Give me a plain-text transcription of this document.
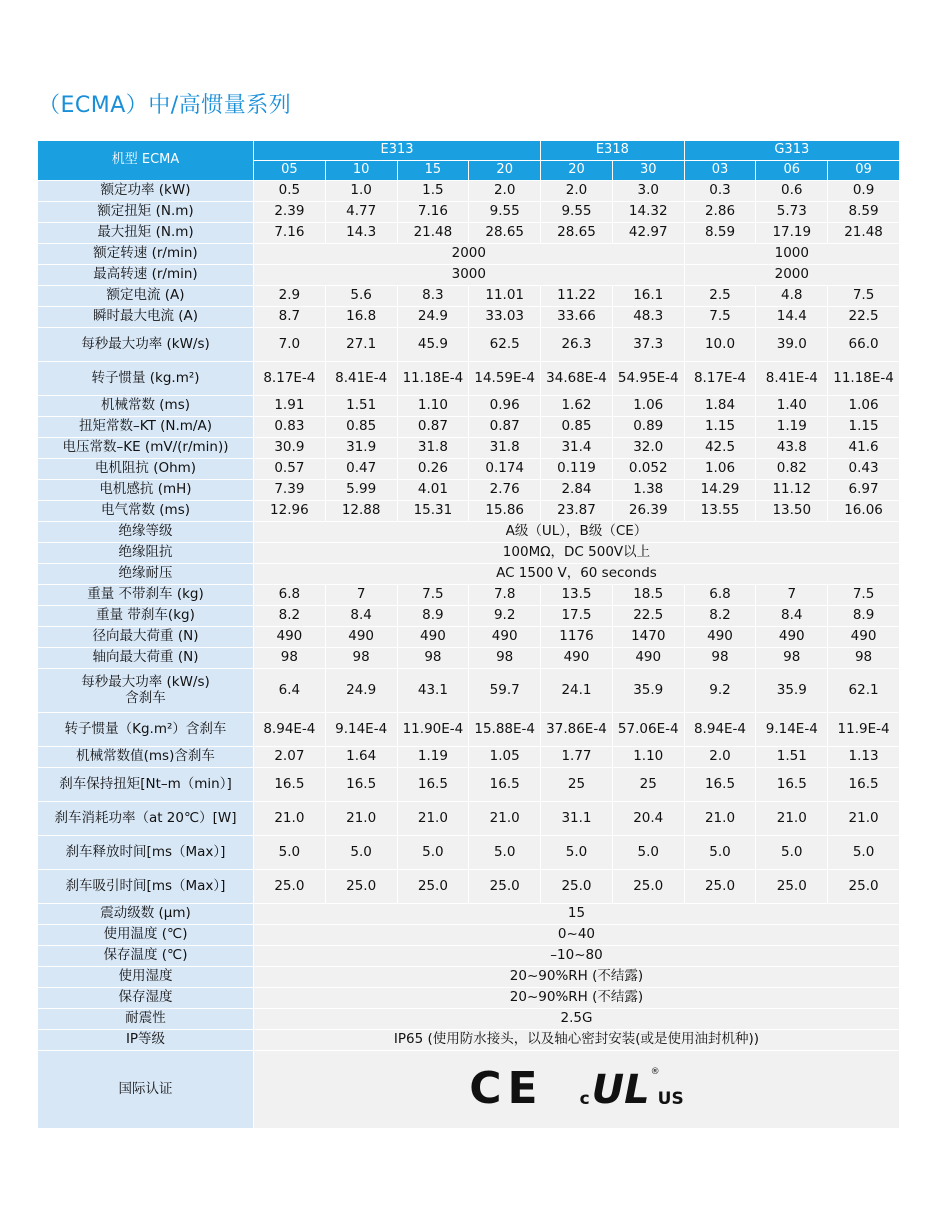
（ECMA）中/高惯量系列
机型 ECMA	E313				E318		G313		
	05	10	15	20	20	30	03	06	09
额定功率 (kW)	0.5	1.0	1.5	2.0	2.0	3.0	0.3	0.6	0.9
额定扭矩 (N.m)	2.39	4.77	7.16	9.55	9.55	14.32	2.86	5.73	8.59
最大扭矩 (N.m)	7.16	14.3	21.48	28.65	28.65	42.97	8.59	17.19	21.48
额定转速 (r/min)	2000						1000		
最高转速 (r/min)	3000						2000		
额定电流 (A)	2.9	5.6	8.3	11.01	11.22	16.1	2.5	4.8	7.5
瞬时最大电流 (A)	8.7	16.8	24.9	33.03	33.66	48.3	7.5	14.4	22.5
每秒最大功率 (kW/s)	7.0	27.1	45.9	62.5	26.3	37.3	10.0	39.0	66.0
转子惯量 (kg.m²)	8.17E-4	8.41E-4	11.18E-4	14.59E-4	34.68E-4	54.95E-4	8.17E-4	8.41E-4	11.18E-4
机械常数 (ms)	1.91	1.51	1.10	0.96	1.62	1.06	1.84	1.40	1.06
扭矩常数–KT (N.m/A)	0.83	0.85	0.87	0.87	0.85	0.89	1.15	1.19	1.15
电压常数–KE (mV/(r/min))	30.9	31.9	31.8	31.8	31.4	32.0	42.5	43.8	41.6
电机阻抗 (Ohm)	0.57	0.47	0.26	0.174	0.119	0.052	1.06	0.82	0.43
电机感抗 (mH)	7.39	5.99	4.01	2.76	2.84	1.38	14.29	11.12	6.97
电气常数 (ms)	12.96	12.88	15.31	15.86	23.87	26.39	13.55	13.50	16.06
绝缘等级	A级（UL），B级（CE）								
绝缘阻抗	100MΩ，DC 500V以上								
绝缘耐压	AC 1500 V，60 seconds								
重量 不带刹车 (kg)	6.8	7	7.5	7.8	13.5	18.5	6.8	7	7.5
重量 带刹车(kg)	8.2	8.4	8.9	9.2	17.5	22.5	8.2	8.4	8.9
径向最大荷重 (N)	490	490	490	490	1176	1470	490	490	490
轴向最大荷重 (N)	98	98	98	98	490	490	98	98	98

每秒最大功率 (kW/s)
含刹车	6.4	24.9	43.1	59.7	24.1	35.9	9.2	35.9	62.1
转子惯量（Kg.m²）含刹车	8.94E-4	9.14E-4	11.90E-4	15.88E-4	37.86E-4	57.06E-4	8.94E-4	9.14E-4	11.9E-4
机械常数值(ms)含刹车	2.07	1.64	1.19	1.05	1.77	1.10	2.0	1.51	1.13
刹车保持扭矩[Nt–m（min）]	16.5	16.5	16.5	16.5	25	25	16.5	16.5	16.5
刹车消耗功率（at 20℃）[W]	21.0	21.0	21.0	21.0	31.1	20.4	21.0	21.0	21.0
刹车释放时间[ms（Max）]	5.0	5.0	5.0	5.0	5.0	5.0	5.0	5.0	5.0
刹车吸引时间[ms（Max）]	25.0	25.0	25.0	25.0	25.0	25.0	25.0	25.0	25.0
震动级数 (μm)	15								
使用温度 (℃)	0~40								
保存温度 (℃)	–10~80								
使用湿度	20~90%RH (不结露)								
保存湿度	20~90%RH (不结露)								
耐震性	2.5G								
IP等级	IP65 (使用防水接头，以及轴心密封安装(或是使用油封机种))								
国际认证	CE c UL ®
US								
